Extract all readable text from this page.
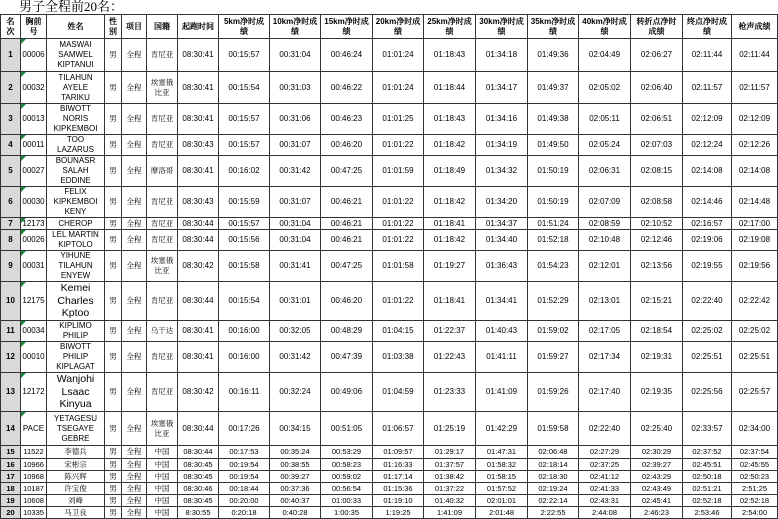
男子全程前20名：
名次	胸前号	姓名	性别	项目	国籍	起跑时间	5km净时成绩	10km净时成绩	15km净时成绩	20km净时成绩	25km净时成绩	30km净时成绩	35km净时成绩	40km净时成绩	转折点净时成绩	终点净时成绩	枪声成绩
1	00006	MASWAI SAMWEL KIPTANUI	男	全程	肯尼亚	08:30:41	00:15:57	00:31:04	00:46:24	01:01:24	01:18:43	01:34:18	01:49:36	02:04:49	02:06:27	02:11:44	02:11:44
2	00032	TILAHUN AYELE TARIKU	男	全程	埃塞俄比亚	08:30:41	00:15:54	00:31:03	00:46:22	01:01:24	01:18:44	01:34:17	01:49:37	02:05:02	02:06:40	02:11:57	02:11:57
3	00013	BIWOTT NORIS KIPKEMBOI	男	全程	肯尼亚	08:30:41	00:15:57	00:31:06	00:46:23	01:01:25	01:18:43	01:34:16	01:49:38	02:05:11	02:06:51	02:12:09	02:12:09
4	00011	TOO LAZARUS	男	全程	肯尼亚	08:30:43	00:15:57	00:31:07	00:46:20	01:01:22	01:18:42	01:34:19	01:49:50	02:05:24	02:07:03	02:12:24	02:12:26
5	00027	BOUNASR SALAH EDDINE	男	全程	摩洛哥	08:30:41	00:16:02	00:31:42	00:47:25	01:01:59	01:18:49	01:34:32	01:50:19	02:06:31	02:08:15	02:14:08	02:14:08
6	00030	FELIX KIPKEMBOI KENY	男	全程	肯尼亚	08:30:43	00:15:59	00:31:07	00:46:21	01:01:22	01:18:42	01:34:20	01:50:19	02:07:09	02:08:58	02:14:46	02:14:48
7	12173	CHEROP	男	全程	肯尼亚	08:30:44	00:15:57	00:31:04	00:46:21	01:01:22	01:18:41	01:34:37	01:51:24	02:08:59	02:10:52	02:16:57	02:17:00
8	00026	LEL MARTIN KIPTOLO	男	全程	肯尼亚	08:30:44	00:15:56	00:31:04	00:46:21	01:01:22	01:18:42	01:34:40	01:52:18	02:10:48	02:12:46	02:19:06	02:19:08
9	00031	YIHUNE TILAHUN ENYEW	男	全程	埃塞俄比亚	08:30:42	00:15:58	00:31:41	00:47:25	01:01:58	01:19:27	01:36:43	01:54:23	02:12:01	02:13:56	02:19:55	02:19:56
10	12175	Kemei Charles Kptoo	男	全程	肯尼亚	08:30:44	00:15:54	00:31:01	00:46:20	01:01:22	01:18:41	01:34:41	01:52:29	02:13:01	02:15:21	02:22:40	02:22:42
11	00034	KIPLIMO PHILIP	男	全程	乌干达	08:30:41	00:16:00	00:32:05	00:48:29	01:04:15	01:22:37	01:40:43	01:59:02	02:17:05	02:18:54	02:25:02	02:25:02
12	00010	BIWOTT PHILIP KIPLAGAT	男	全程	肯尼亚	08:30:41	00:16:00	00:31:42	00:47:39	01:03:38	01:22:43	01:41:11	01:59:27	02:17:34	02:19:31	02:25:51	02:25:51
13	12172	Wanjohi Lsaac Kinyua	男	全程	肯尼亚	08:30:42	00:16:11	00:32:24	00:49:06	01:04:59	01:23:33	01:41:09	01:59:26	02:17:40	02:19:35	02:25:56	02:25:57
14	PACE	YETAGESU TSEGAYE GEBRE	男	全程	埃塞俄比亚	08:30:44	00:17:26	00:34:15	00:51:05	01:06:57	01:25:19	01:42:29	01:59:58	02:22:40	02:25:40	02:33:57	02:34:00
15	11522	李德兵	男	全程	中国	08:30:44	00:17:53	00:35:24	00:53:29	01:09:57	01:29:17	01:47:31	02:06:48	02:27:29	02:30:29	02:37:52	02:37:54
16	10966	宋彬宗	男	全程	中国	08:30:45	00:19:54	00:38:55	00:58:23	01:16:33	01:37:57	01:58:32	02:18:14	02:37:25	02:39:27	02:45:51	02:45:55
17	10968	陈兴辉	男	全程	中国	08:30:45	00:19:54	00:39:27	00:59:02	01:17:14	01:38:42	01:58:15	02:18:30	02:41:12	02:43:29	02:50:18	02:50:23
18	10187	许宝俊	男	全程	中国	08:30:46	00:18:44	00:37:36	00:56:54	01:15:36	01:37:22	01:57:52	02:19:24	02:41:33	02:43:49	02:51:21	2:51:25
19	10608	刘峰	男	全程	中国	08:30:45	00:20:00	00:40:37	01:00:33	01:19:10	01:40:32	02:01:01	02:22:14	02:43:31	02:45:41	02:52:18	02:52:18
20	10335	马卫良	男	全程	中国	8:30:55	0:20:18	0:40:28	1:00:35	1:19:25	1:41:09	2:01:48	2:22:55	2:44:08	2:46:23	2:53:46	2:54:00
